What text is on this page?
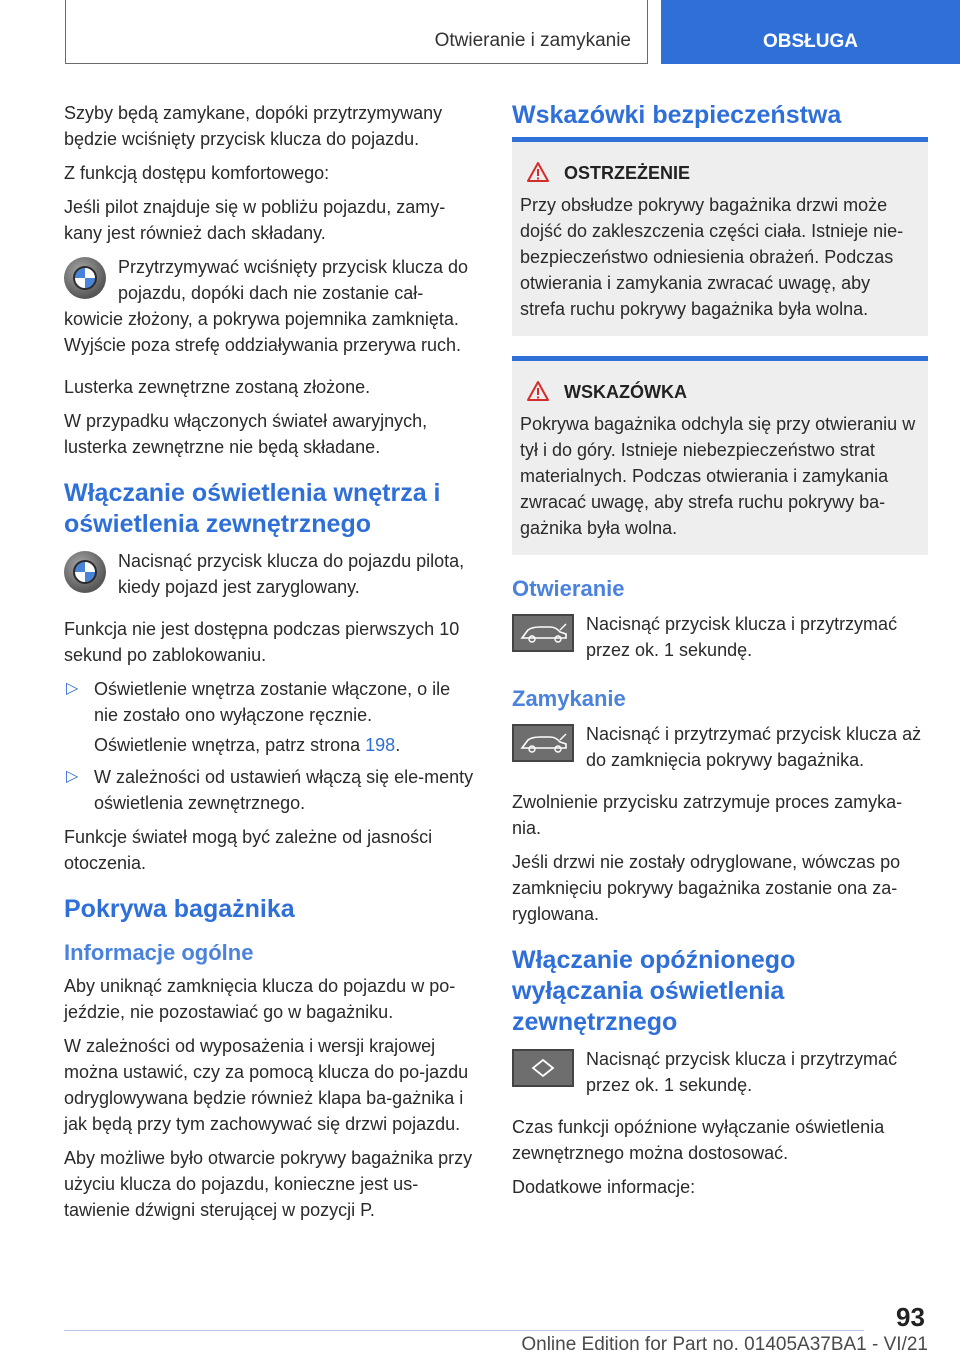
Otwieranie i zamykanie	OBSŁUGA

Szyby będą zamykane, dopóki przytrzymywany będzie wciśnięty przycisk klucza do pojazdu.

Z funkcją dostępu komfortowego:

Jeśli pilot znajduje się w pobliżu pojazdu, zamy‐kany jest również dach składany.

Przytrzymywać wciśnięty przycisk klucza do pojazdu, dopóki dach nie zostanie cał‐kowicie złożony, a pokrywa pojemnika zamknięta. Wyjście poza strefę oddziaływania przerywa ruch.

Lusterka zewnętrzne zostaną złożone.

W przypadku włączonych świateł awaryjnych, lusterka zewnętrzne nie będą składane.

Włączanie oświetlenia wnętrza i oświetlenia zewnętrznego

Nacisnąć przycisk klucza do pojazdu pilota, kiedy pojazd jest zaryglowany.

Funkcja nie jest dostępna podczas pierwszych 10 sekund po zablokowaniu.

▷ Oświetlenie wnętrza zostanie włączone, o ile nie zostało ono wyłączone ręcznie.
Oświetlenie wnętrza, patrz strona 198.
▷ W zależności od ustawień włączą się ele‐menty oświetlenia zewnętrznego.

Funkcje świateł mogą być zależne od jasności otoczenia.

Pokrywa bagażnika
Informacje ogólne

Aby uniknąć zamknięcia klucza do pojazdu w po‐jeździe, nie pozostawiać go w bagażniku.

W zależności od wyposażenia i wersji krajowej można ustawić, czy za pomocą klucza do po‐jazdu odryglowywana będzie również klapa ba‐gażnika i jak będą przy tym zachowywać się drzwi pojazdu.

Aby możliwe było otwarcie pokrywy bagażnika przy użyciu klucza do pojazdu, konieczne jest us‐tawienie dźwigni sterującej w pozycji P.

Wskazówki bezpieczeństwa
OSTRZEŻENIE

Przy obsłudze pokrywy bagażnika drzwi może dojść do zakleszczenia części ciała. Istnieje nie‐bezpieczeństwo odniesienia obrażeń. Podczas otwierania i zamykania zwracać uwagę, aby strefa ruchu pokrywy bagażnika była wolna.

WSKAZÓWKA

Pokrywa bagażnika odchyla się przy otwieraniu w tył i do góry. Istnieje niebezpieczeństwo strat materialnych. Podczas otwierania i zamykania zwracać uwagę, aby strefa ruchu pokrywy ba‐gażnika była wolna.

Otwieranie

Nacisnąć przycisk klucza i przytrzymać przez ok. 1 sekundę.

Zamykanie

Nacisnąć i przytrzymać przycisk klucza aż do zamknięcia pokrywy bagażnika.

Zwolnienie przycisku zatrzymuje proces zamyka‐nia.

Jeśli drzwi nie zostały odryglowane, wówczas po zamknięciu pokrywy bagażnika zostanie ona za‐ryglowana.

Włączanie opóźnionego wyłączania oświetlenia zewnętrznego

Nacisnąć przycisk klucza i przytrzymać przez ok. 1 sekundę.

Czas funkcji opóźnione wyłączanie oświetlenia zewnętrznego można dostosować.

Dodatkowe informacje:

93
Online Edition for Part no. 01405A37BA1 - VI/21
